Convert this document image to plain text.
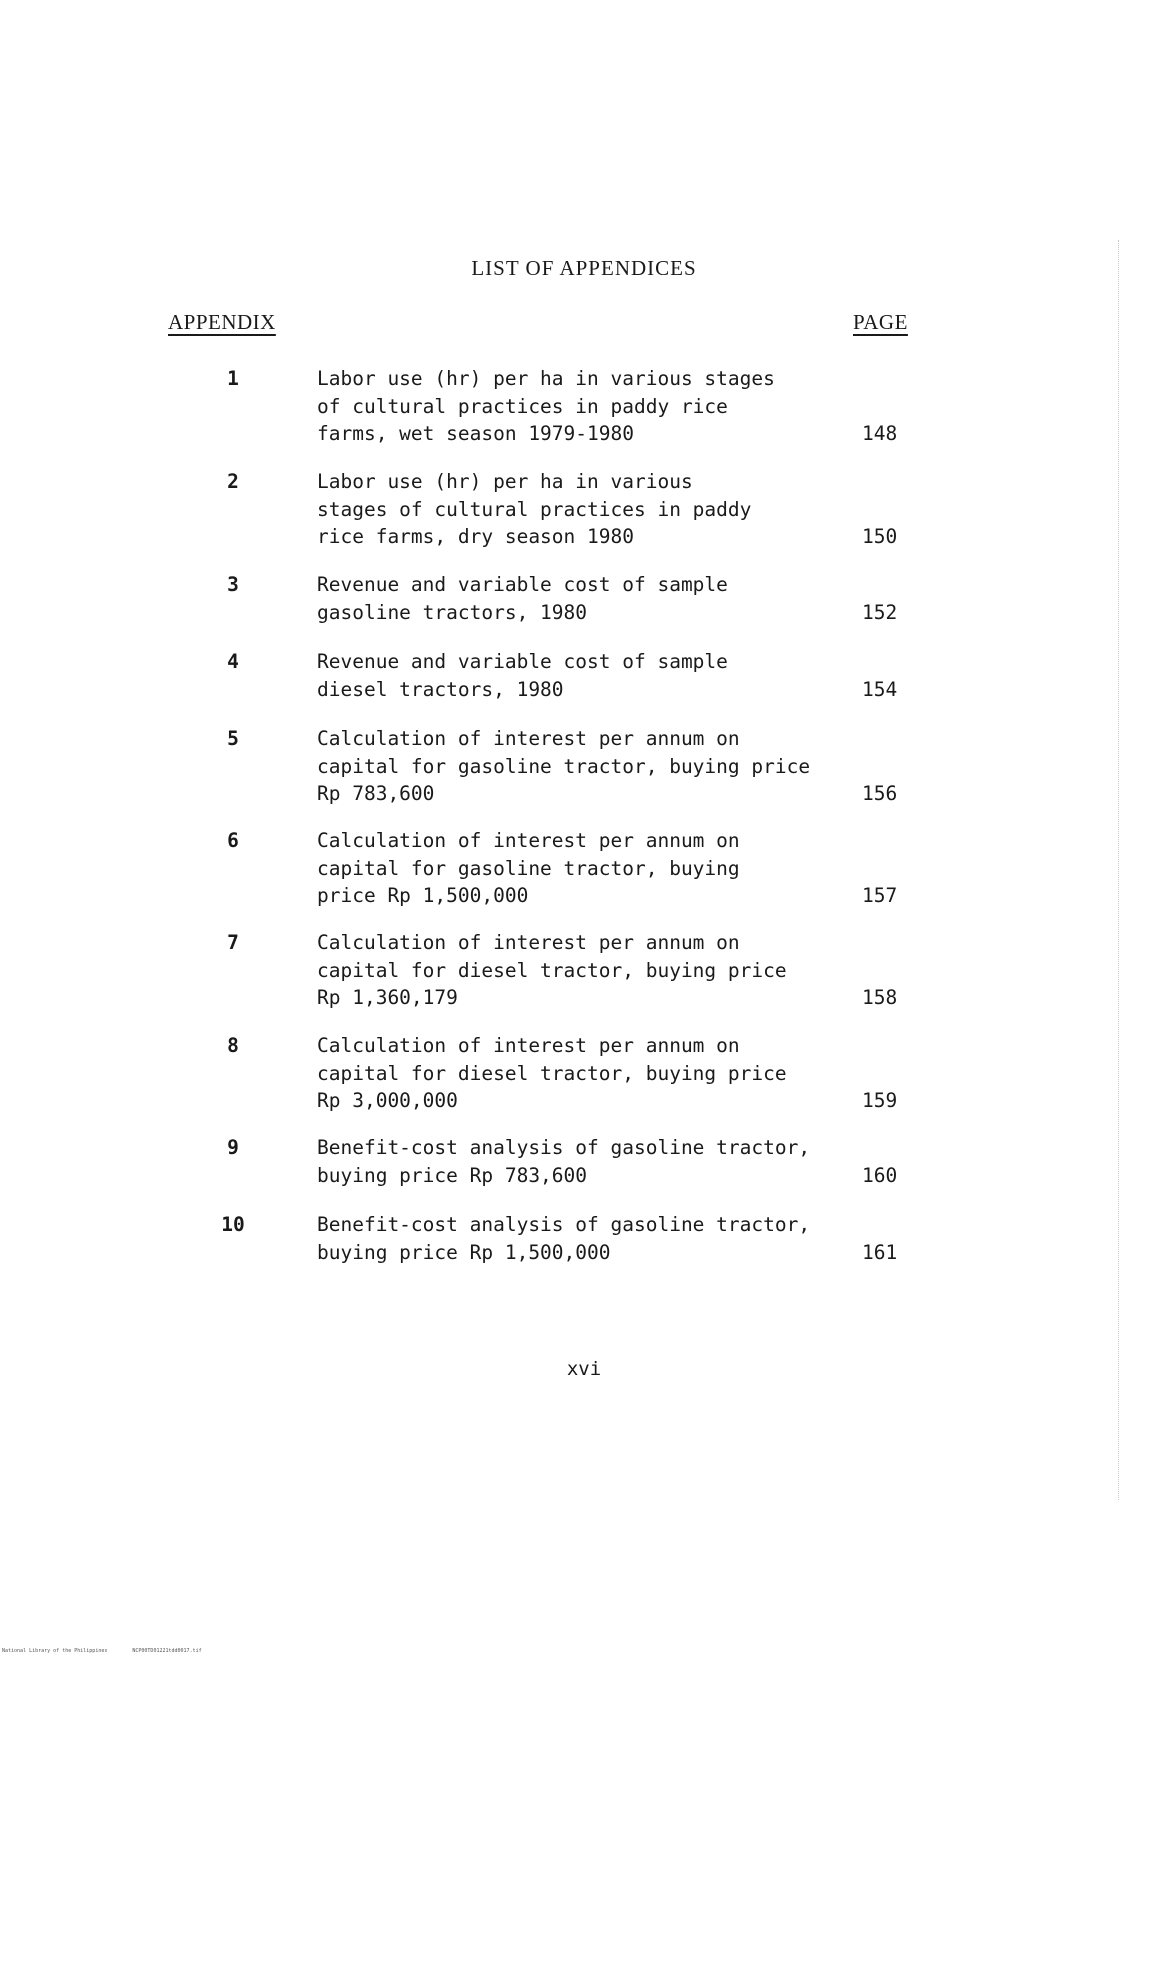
LIST OF APPENDICES
APPENDIX	PAGE
1	Labor use (hr) per ha in various stages
of cultural practices in paddy rice
farms, wet season 1979-1980	148
2	Labor use (hr) per ha in various
stages of cultural practices in paddy
rice farms, dry season 1980	150
3	Revenue and variable cost of sample
gasoline tractors, 1980	152
4	Revenue and variable cost of sample
diesel tractors, 1980	154
5	Calculation of interest per annum on
capital for gasoline tractor, buying price
Rp 783,600	156
6	Calculation of interest per annum on
capital for gasoline tractor, buying
price Rp 1,500,000	157
7	Calculation of interest per annum on
capital for diesel tractor, buying price
Rp 1,360,179	158
8	Calculation of interest per annum on
capital for diesel tractor, buying price
Rp 3,000,000	159
9	Benefit-cost analysis of gasoline tractor,
buying price Rp 783,600	160
10	Benefit-cost analysis of gasoline tractor,
buying price Rp 1,500,000	161
xvi
National Library of the Philippines	NCP00TD01221tdd0017.tif
